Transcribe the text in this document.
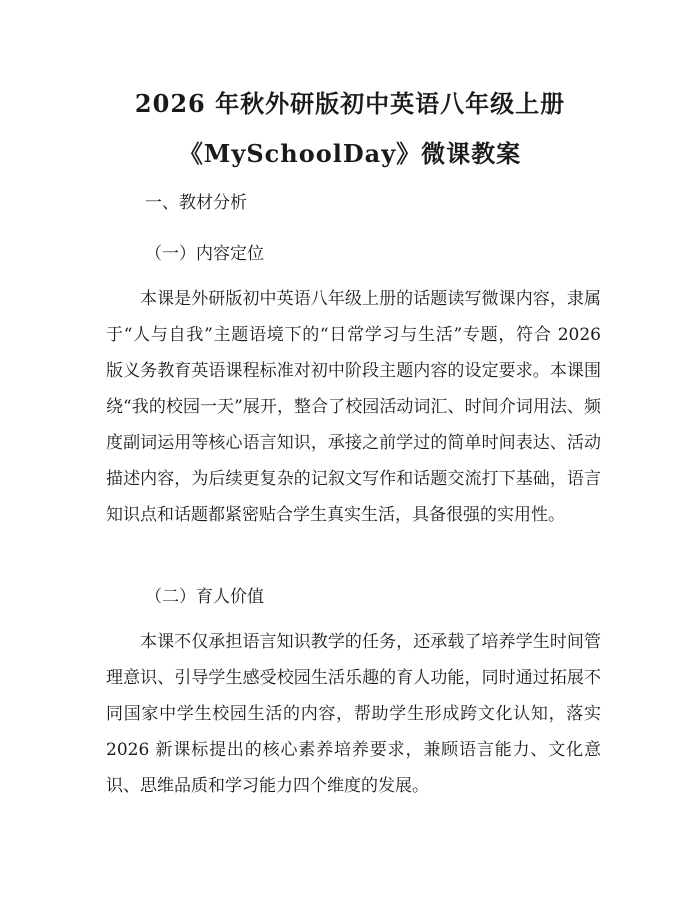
2026 年秋外研版初中英语八年级上册
《MySchoolDay》微课教案
一、教材分析
（一）内容定位

本课是外研版初中英语八年级上册的话题读写微课内容，隶属于“人与自我”主题语境下的“日常学习与生活”专题，符合 2026 版义务教育英语课程标准对初中阶段主题内容的设定要求。本课围绕“我的校园一天”展开，整合了校园活动词汇、时间介词用法、频度副词运用等核心语言知识，承接之前学过的简单时间表达、活动描述内容，为后续更复杂的记叙文写作和话题交流打下基础，语言知识点和话题都紧密贴合学生真实生活，具备很强的实用性。

（二）育人价值

本课不仅承担语言知识教学的任务，还承载了培养学生时间管理意识、引导学生感受校园生活乐趣的育人功能，同时通过拓展不同国家中学生校园生活的内容，帮助学生形成跨文化认知，落实 2026 新课标提出的核心素养培养要求，兼顾语言能力、文化意识、思维品质和学习能力四个维度的发展。
